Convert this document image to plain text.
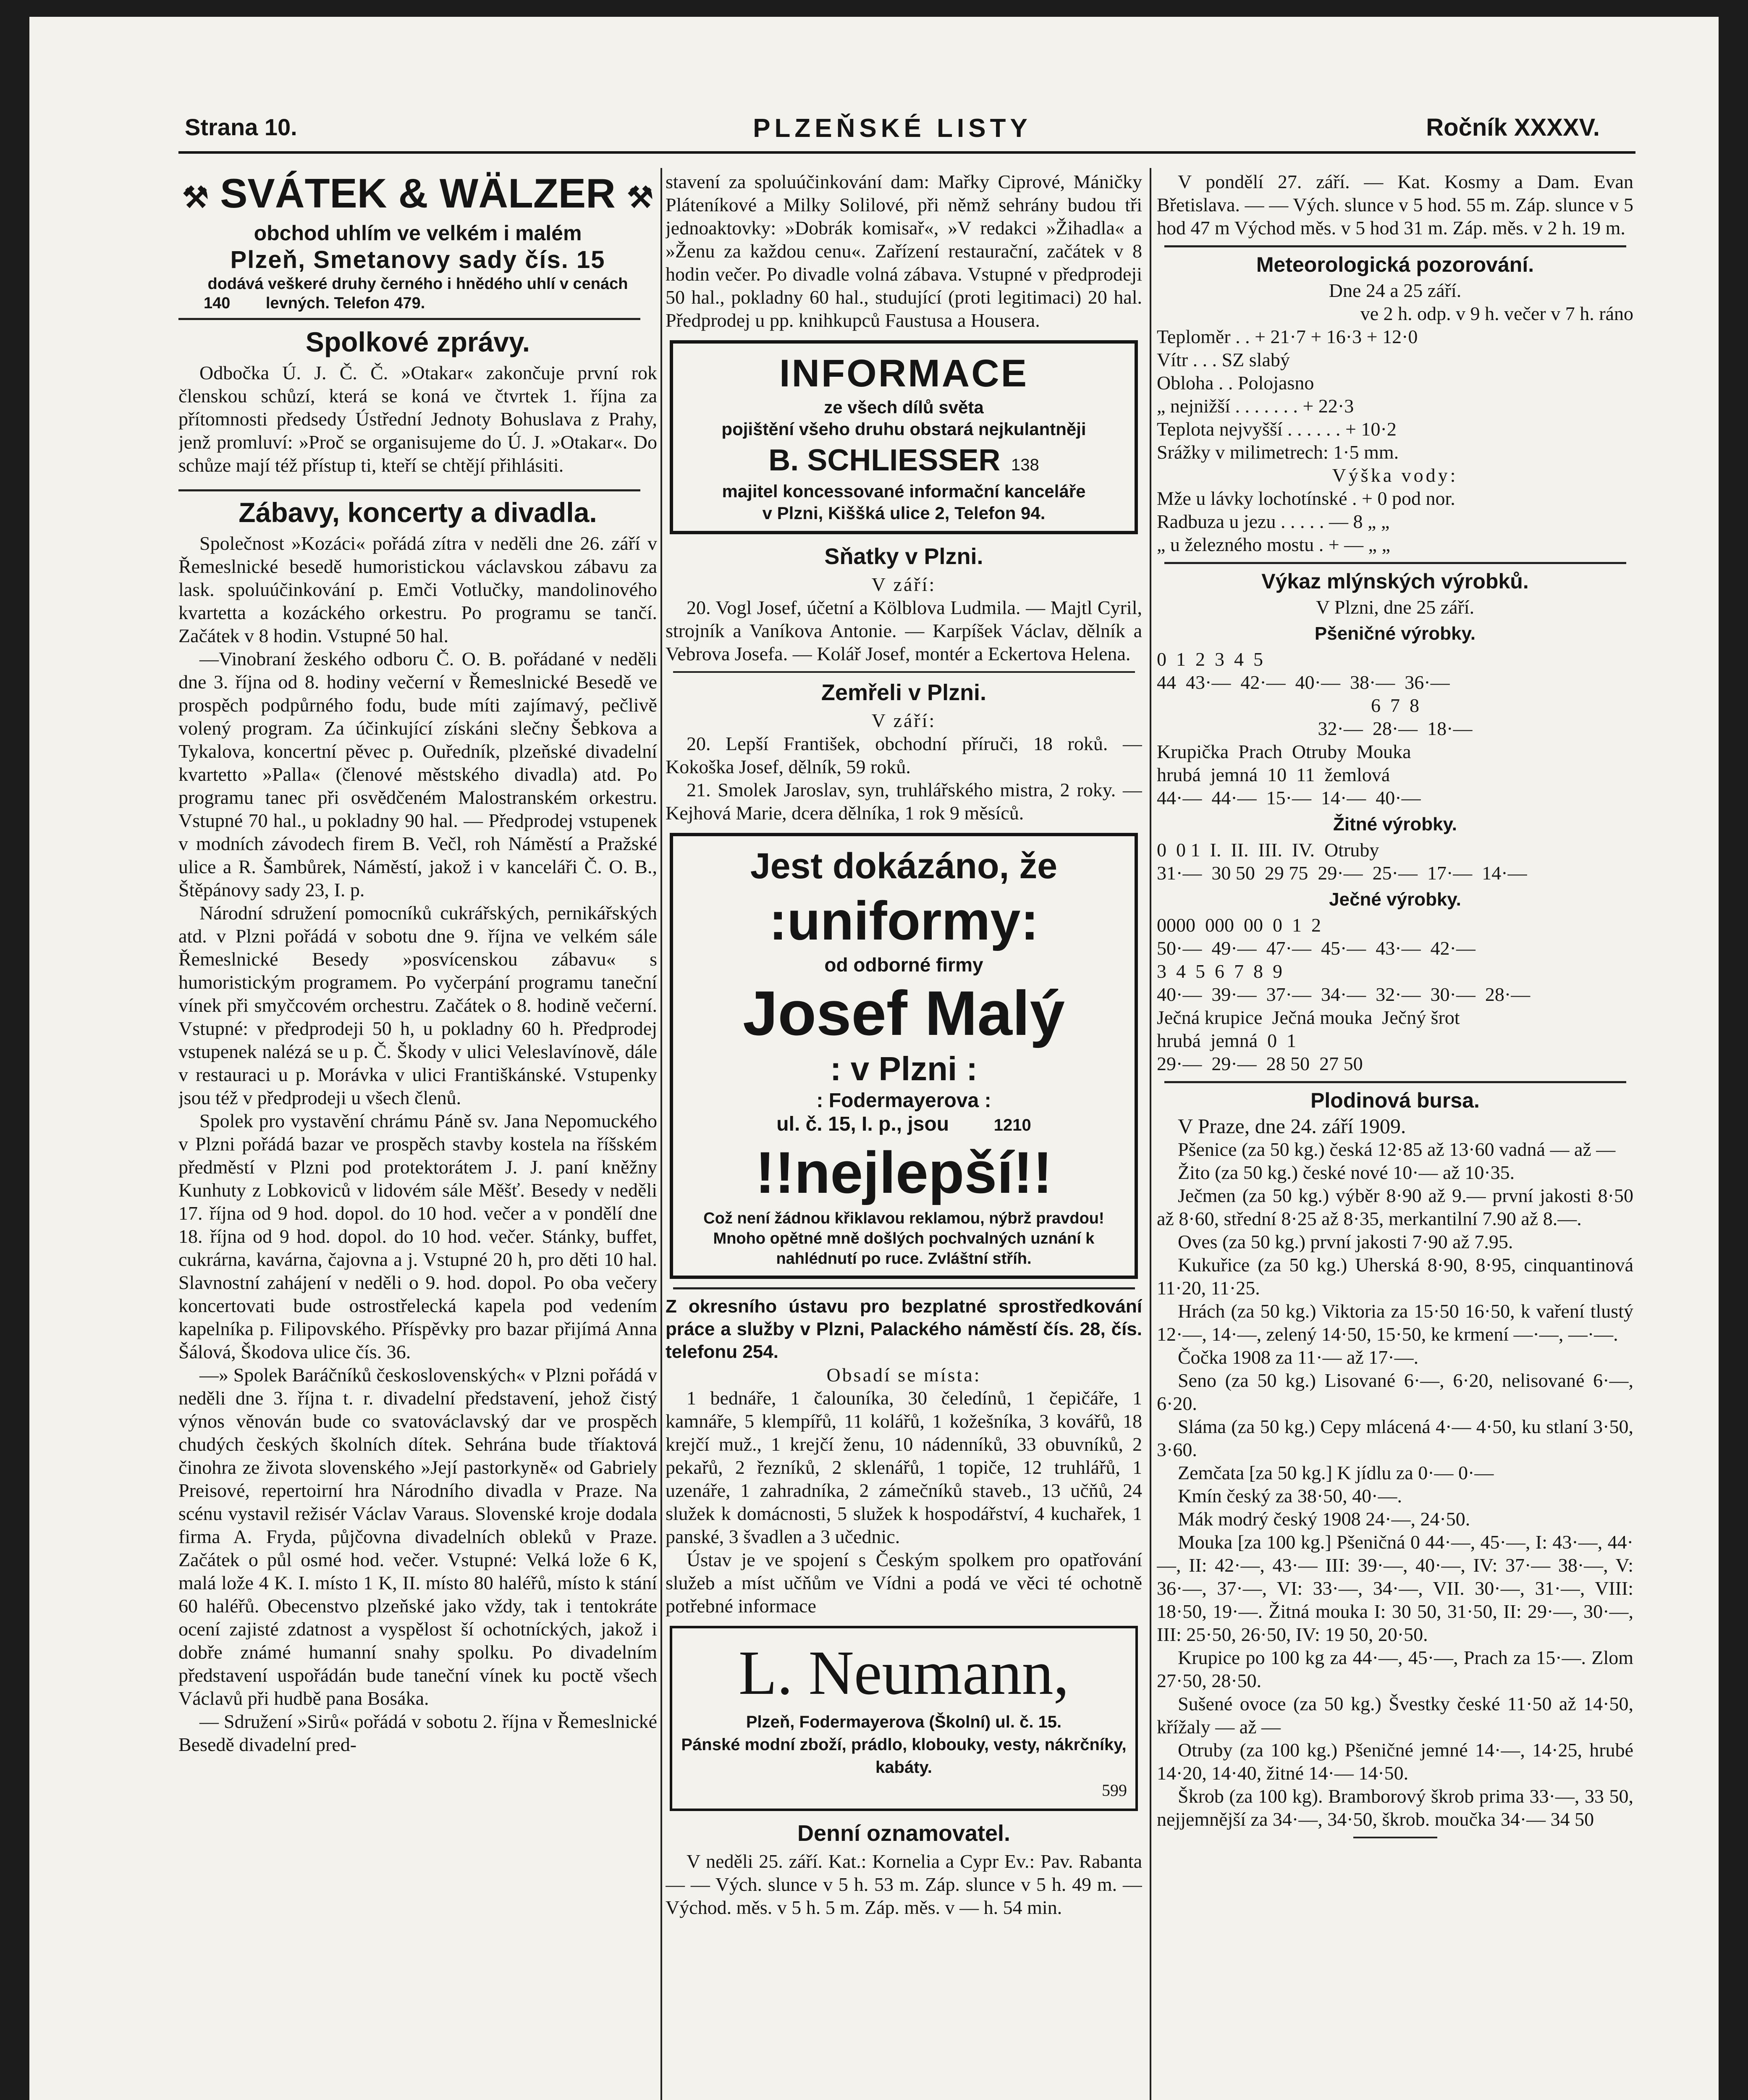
PLZEŇSKÉ LISTY
Strana 10.	Ročník XXXXV.
⚒ SVÁTEK & WÄLZER ⚒
obchod uhlím ve velkém i malém
Plzeň, Smetanovy sady čís. 15
dodává veškeré druhy černého i hnědého uhlí v cenách
140 levných. Telefon 479.
Spolkové zprávy.

Odbočka Ú. J. Č. Č. »Otakar« zakončuje první rok členskou schůzí, která se koná ve čtvrtek 1. října za přítomnosti předsedy Ústřední Jednoty Bohuslava z Prahy, jenž promluví: »Proč se organisujeme do Ú. J. »Otakar«. Do schůze mají též přístup ti, kteří se chtějí přihlásiti.

Zábavy, koncerty a divadla.

Společnost »Kozáci« pořádá zítra v neděli dne 26. září v Řemeslnické besedě humoristickou václavskou zábavu za lask. spoluúčinkování p. Emči Votlučky, mandolinového kvartetta a kozáckého orkestru. Po programu se tančí. Začátek v 8 hodin. Vstupné 50 hal.

—Vinobraní žeského odboru Č. O. B. pořádané v neděli dne 3. října od 8. hodiny večerní v Řemeslnické Besedě ve prospěch podpůrného fodu, bude míti zajímavý, pečlivě volený program. Za účinkující získáni slečny Šebkova a Tykalova, koncertní pěvec p. Ouředník, plzeňské divadelní kvartetto »Palla« (členové městského divadla) atd. Po programu tanec při osvědčeném Malostranském orkestru. Vstupné 70 hal., u pokladny 90 hal. — Předprodej vstupenek v modních závodech firem B. Večl, roh Náměstí a Pražské ulice a R. Šambůrek, Náměstí, jakož i v kanceláři Č. O. B., Štěpánovy sady 23, I. p.

Národní sdružení pomocníků cukrářských, pernikářských atd. v Plzni pořádá v sobotu dne 9. října ve velkém sále Řemeslnické Besedy »posvícenskou zábavu« s humoristickým programem. Po vyčerpání programu taneční vínek při smyčcovém orchestru. Začátek o 8. hodině večerní. Vstupné: v předprodeji 50 h, u pokladny 60 h. Předprodej vstupenek nalézá se u p. Č. Škody v ulici Veleslavínově, dále v restauraci u p. Morávka v ulici Františkánské. Vstupenky jsou též v předprodeji u všech členů.

Spolek pro vystavění chrámu Páně sv. Jana Nepomuckého v Plzni pořádá bazar ve prospěch stavby kostela na říšském předměstí v Plzni pod protektorátem J. J. paní kněžny Kunhuty z Lobkoviců v lidovém sále Měšť. Besedy v neděli 17. října od 9 hod. dopol. do 10 hod. večer a v pondělí dne 18. října od 9 hod. dopol. do 10 hod. večer. Stánky, buffet, cukrárna, kavárna, čajovna a j. Vstupné 20 h, pro děti 10 hal. Slavnostní zahájení v neděli o 9. hod. dopol. Po oba večery koncertovati bude ostrostřelecká kapela pod vedením kapelníka p. Filipovského. Příspěvky pro bazar přijímá Anna Šálová, Škodova ulice čís. 36.

—» Spolek Baráčníků československých« v Plzni pořádá v neděli dne 3. října t. r. divadelní představení, jehož čistý výnos věnován bude co svatováclavský dar ve prospěch chudých českých školních dítek. Sehrána bude tříaktová činohra ze života slovenského »Její pastorkyně« od Gabriely Preisové, repertoirní hra Národního divadla v Praze. Na scénu vystavil režisér Václav Varaus. Slovenské kroje dodala firma A. Fryda, půjčovna divadelních obleků v Praze. Začátek o půl osmé hod. večer. Vstupné: Velká lože 6 K, malá lože 4 K. I. místo 1 K, II. místo 80 haléřů, místo k stání 60 haléřů. Obecenstvo plzeňské jako vždy, tak i tentokráte ocení zajisté zdatnost a vyspělost ší ochotníckých, jakož i dobře známé humanní snahy spolku. Po divadelním představení uspořádán bude taneční vínek ku poctě všech Václavů při hudbě panа Bosáka.

— Sdružení »Sirů« pořádá v sobotu 2. října v Řemeslnické Besedě divadelní pred-

stavení za spoluúčinkování dam: Mařky Ciprové, Máničky Pláteníkové a Milky Solilové, při němž sehrány budou tři jednoaktovky: »Dobrák komisař«, »V redakci »Žihadla« a »Ženu za každou cenu«. Zařízení restaurační, začátek v 8 hodin večer. Po divadle volná zábava. Vstupné v předprodeji 50 hal., pokladny 60 hal., studující (proti legitimaci) 20 hal. Předprodej u pp. knihkupců Faustusa a Housera.

INFORMACE
ze všech dílů světa
pojištění všeho druhu obstará nejkulantněji
B. SCHLIESSER 138
majitel koncessované informační kanceláře
v Plzni, Kiššká ulice 2, Telefon 94.
Sňatky v Plzni.
V září:

20. Vogl Josef, účetní a Kölblova Ludmila. — Majtl Cyril, strojník a Vaníkova Antonie. — Karpíšek Václav, dělník a Vebrova Josefa. — Kolář Josef, montér a Eckertova Helena.

Zemřeli v Plzni.
V září:

20. Lepší František, obchodní příruči, 18 roků. — Kokoška Josef, dělník, 59 roků.

21. Smolek Jaroslav, syn, truhlářského mistra, 2 roky. — Kejhová Marie, dcera dělníka, 1 rok 9 měsíců.

Jest dokázáno, že
:uniformy:
od odborné firmy
Josef Malý
: v Plzni :
: Fodermayerova :
ul. č. 15, I. p., jsou	1210
!!nejlepší!!
Což není žádnou křiklavou reklamou, nýbrž pravdou! Mnoho opětné mně došlých pochvalných uznání k nahlédnutí po ruce. Zvláštní stříh.

Z okresního ústavu pro bezplatné sprostředkování práce a služby v Plzni, Palackého náměstí čís. 28, čís. telefonu 254.

Obsadí se místa:

1 bednáře, 1 čalouníka, 30 čeledínů, 1 čepičáře, 1 kamnáře, 5 klempířů, 11 kolářů, 1 kožešníka, 3 kovářů, 18 krejčí muž., 1 krejčí ženu, 10 nádenníků, 33 obuvníků, 2 pekařů, 2 řezníků, 2 sklenářů, 1 topiče, 12 truhlářů, 1 uzenáře, 1 zahradníka, 2 zámečníků staveb., 13 učňů, 24 služek k domácnosti, 5 služek k hospodářství, 4 kuchařek, 1 panské, 3 švadlen a 3 učednic.

Ústav je ve spojení s Českým spolkem pro opatřování služeb a míst učňům ve Vídni a podá ve věci té ochotně potřebné informace

L. Neumann,
Plzeň, Fodermayerova (Školní) ul. č. 15.
Pánské modní zboží, prádlo, klobouky, vesty, nákrčníky, kabáty.
599
Denní oznamovatel.

V neděli 25. září. Kat.: Kornelia a Cypr Ev.: Pav. Rabanta — — Vých. slunce v 5 h. 53 m. Záp. slunce v 5 h. 49 m. — Východ. měs. v 5 h. 5 m. Záp. měs. v — h. 54 min.

V pondělí 27. září. — Kat. Kosmy a Dam. Evan Břetislava. — — Vých. slunce v 5 hod. 55 m. Záp. slunce v 5 hod 47 m Východ měs. v 5 hod 31 m. Záp. měs. v 2 h. 19 m.

Meteorologická pozorování.
Dne 24 a 25 září.
ve 2 h. odp. v 9 h. večer v 7 h. ráno
Teploměr . . + 21·7 + 16·3 + 12·0
Vítr . . . SZ slabý
Obloha . . Polojasno
„ nejnižší . . . . . . . + 22·3
Teplota nejvyšší . . . . . . + 10·2
Srážky v milimetrech: 1·5 mm.
Výška vody:
Mže u lávky lochotínské . + 0 pod nor.
Radbuza u jezu . . . . . — 8 „ „
„ u železného mostu . + — „ „
Výkaz mlýnských výrobků.
V Plzni, dne 25 září.
Pšeničné výrobky.
0  1  2  3  4  5
44  43·—  42·—  40·—  38·—  36·—
6  7  8
32·—  28·—  18·—
Krupička  Prach  Otruby  Mouka
hrubá  jemná  10  11  žemlová
44·—  44·—  15·—  14·—  40·—
Žitné výrobky.
0  0 1  I.  II.  III.  IV.  Otruby
31·—  30 50  29 75  29·—  25·—  17·—  14·—
Ječné výrobky.
0000  000  00  0  1  2
50·—  49·—  47·—  45·—  43·—  42·—
3  4  5  6  7  8  9
40·—  39·—  37·—  34·—  32·—  30·—  28·—
Ječná krupice  Ječná mouka  Ječný šrot
hrubá  jemná  0  1
29·—  29·—  28 50  27 50
Plodinová bursa.
V Praze, dne 24. září 1909.

Pšenice (za 50 kg.) česká 12·85 až 13·60 vadná — až —

Žito (za 50 kg.) české nové 10·— až 10·35.

Ječmen (za 50 kg.) výběr 8·90 až 9.— první jakosti 8·50 až 8·60, střední 8·25 až 8·35, merkantilní 7.90 až 8.—.

Oves (za 50 kg.) první jakosti 7·90 až 7.95.

Kukuřice (za 50 kg.) Uherská 8·90, 8·95, cinquantinová 11·20, 11·25.

Hrách (za 50 kg.) Viktoria za 15·50 16·50, k vaření tlustý 12·—, 14·—, zelený 14·50, 15·50, ke krmení —·—, —·—.

Čočka 1908 za 11·— až 17·—.

Seno (za 50 kg.) Lisované 6·—, 6·20, nelisované 6·—, 6·20.

Sláma (za 50 kg.) Cepy mlácená 4·— 4·50, ku stlaní 3·50, 3·60.

Zemčata [za 50 kg.] K jídlu za 0·— 0·—

Kmín český za 38·50, 40·—.

Mák modrý český 1908 24·—, 24·50.

Mouka [za 100 kg.] Pšeničná 0 44·—, 45·—, I: 43·—, 44·—, II: 42·—, 43·— III: 39·—, 40·—, IV: 37·— 38·—, V: 36·—, 37·—, VI: 33·—, 34·—, VII. 30·—, 31·—, VIII: 18·50, 19·—. Žitná mouka I: 30 50, 31·50, II: 29·—, 30·—, III: 25·50, 26·50, IV: 19 50, 20·50.

Krupice po 100 kg za 44·—, 45·—, Prach za 15·—. Zlom 27·50, 28·50.

Sušené ovoce (za 50 kg.) Švestky české 11·50 až 14·50, křížaly — až —

Otruby (za 100 kg.) Pšeničné jemné 14·—, 14·25, hrubé 14·20, 14·40, žitné 14·— 14·50.

Škrob (za 100 kg). Bramborový škrob prima 33·—, 33 50, nejjemnější za 34·—, 34·50, škrob. moučka 34·— 34 50
